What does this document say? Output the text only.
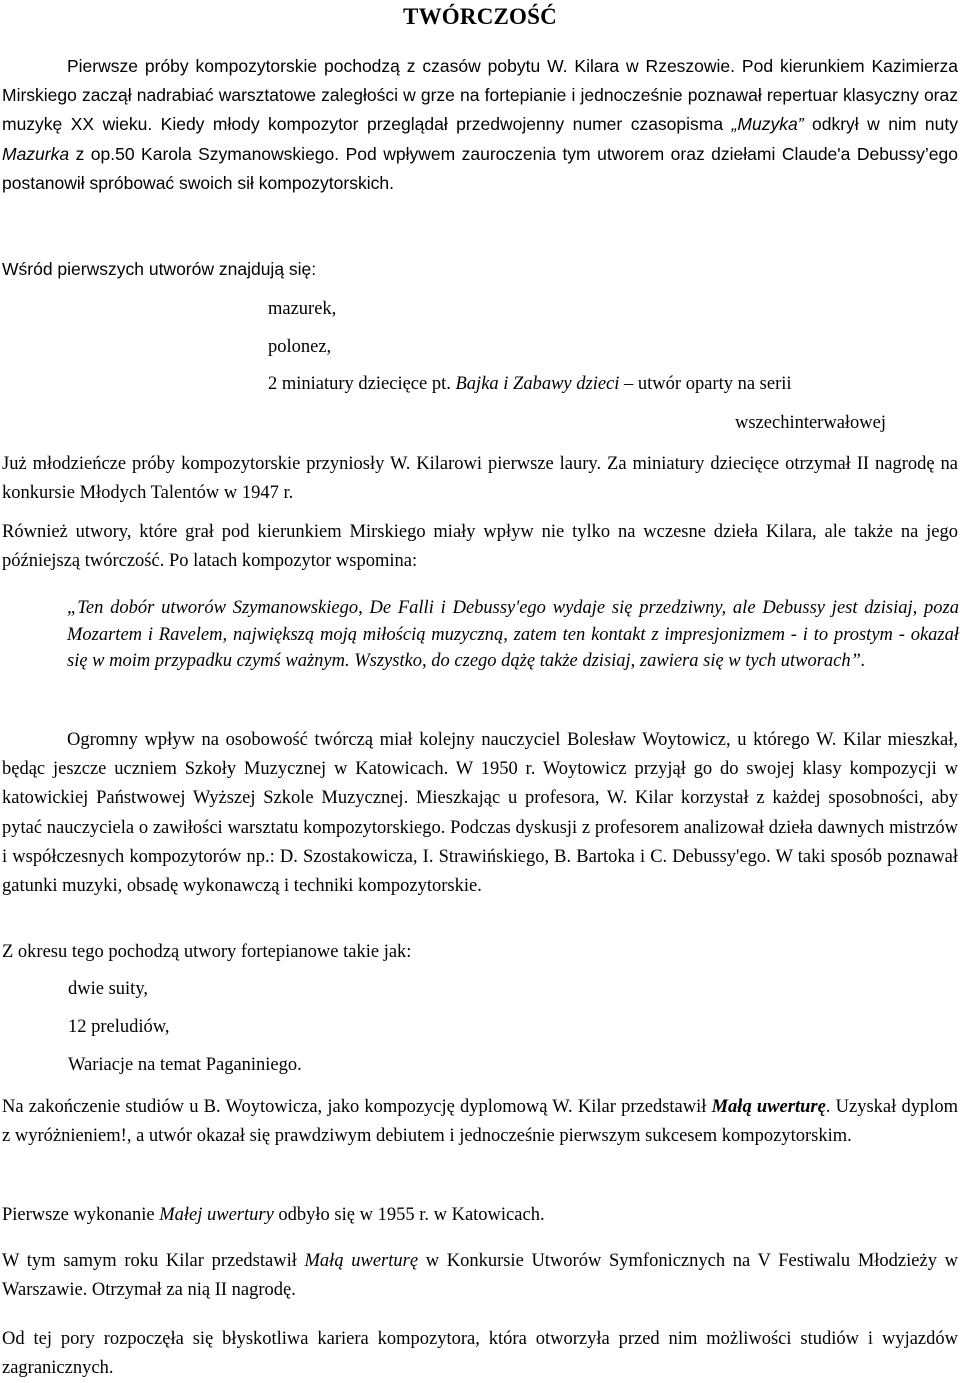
TWÓRCZOŚĆ

Pierwsze próby kompozytorskie pochodzą z czasów pobytu W. Kilara w Rzeszowie. Pod kierunkiem Kazimierza Mirskiego zaczął nadrabiać warsztatowe zaległości w grze na fortepianie i jednocześnie poznawał repertuar klasyczny oraz muzykę XX wieku. Kiedy młody kompozytor przeglądał przedwojenny numer czasopisma „Muzyka” odkrył w nim nuty Mazurka z op.50 Karola Szymanowskiego. Pod wpływem zauroczenia tym utworem oraz dziełami Claude'a Debussy’ego postanowił spróbować swoich sił kompozytorskich.

Wśród pierwszych utworów znajdują się:

mazurek,

polonez,

2 miniatury dziecięce pt. Bajka i Zabawy dzieci – utwór oparty na serii

wszechinterwałowej

Już młodzieńcze próby kompozytorskie przyniosły W. Kilarowi pierwsze laury. Za miniatury dziecięce otrzymał II nagrodę na konkursie Młodych Talentów w 1947 r.

Również utwory, które grał pod kierunkiem Mirskiego miały wpływ nie tylko na wczesne dzieła Kilara, ale także na jego późniejszą twórczość. Po latach kompozytor wspomina:

„Ten dobór utworów Szymanowskiego, De Falli i Debussy'ego wydaje się przedziwny, ale Debussy jest dzisiaj, poza Mozartem i Ravelem, największą moją miłością muzyczną, zatem ten kontakt z impresjonizmem - i to prostym - okazał się w moim przypadku czymś ważnym. Wszystko, do czego dążę także dzisiaj, zawiera się w tych utworach”.

Ogromny wpływ na osobowość twórczą miał kolejny nauczyciel Bolesław Woytowicz, u którego W. Kilar mieszkał, będąc jeszcze uczniem Szkoły Muzycznej w Katowicach. W 1950 r. Woytowicz przyjął go do swojej klasy kompozycji w katowickiej Państwowej Wyższej Szkole Muzycznej. Mieszkając u profesora, W. Kilar korzystał z każdej sposobności, aby pytać nauczyciela o zawiłości warsztatu kompozytorskiego. Podczas dyskusji z profesorem analizował dzieła dawnych mistrzów i współczesnych kompozytorów np.: D. Szostakowicza, I. Strawińskiego, B. Bartoka i C. Debussy'ego. W taki sposób poznawał gatunki muzyki, obsadę wykonawczą i techniki kompozytorskie.

Z okresu tego pochodzą utwory fortepianowe takie jak:

dwie suity,

12 preludiów,

Wariacje na temat Paganiniego.

Na zakończenie studiów u B. Woytowicza, jako kompozycję dyplomową W. Kilar przedstawił Małą uwerturę. Uzyskał dyplom z wyróżnieniem!, a utwór okazał się prawdziwym debiutem i jednocześnie pierwszym sukcesem kompozytorskim.

Pierwsze wykonanie Małej uwertury odbyło się w 1955 r. w Katowicach.

W tym samym roku Kilar przedstawił Małą uwerturę w Konkursie Utworów Symfonicznych na V Festiwalu Młodzieży w Warszawie. Otrzymał za nią II nagrodę.

Od tej pory rozpoczęła się błyskotliwa kariera kompozytora, która otworzyła przed nim możliwości studiów i wyjazdów zagranicznych.
